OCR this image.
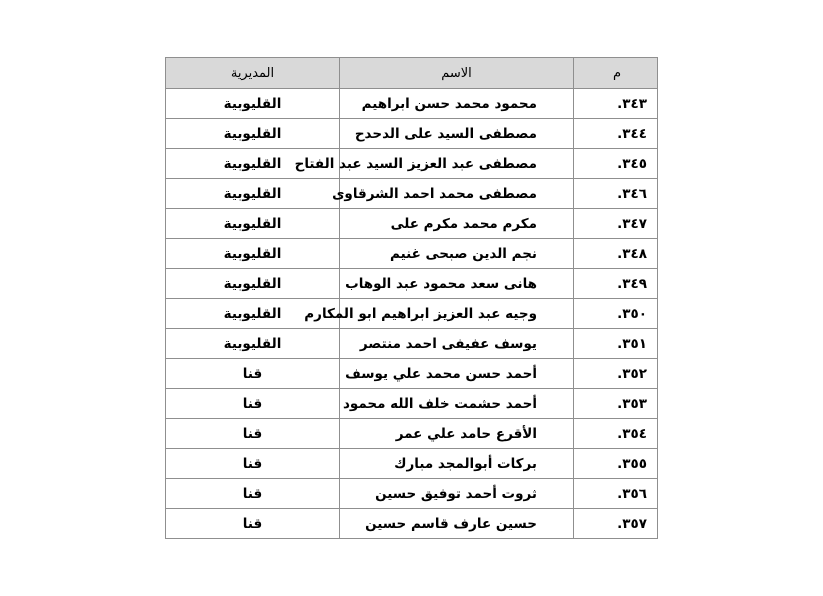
م	الاسم	المديرية
٣٤٣.	محمود محمد حسن ابراهيم	القليوبية
٣٤٤.	مصطفى السيد على الدحدح	القليوبية
٣٤٥.	مصطفى عبد العزيز السيد عبد الفتاح	القليوبية
٣٤٦.	مصطفى محمد احمد الشرقاوى	القليوبية
٣٤٧.	مكرم محمد مكرم على	القليوبية
٣٤٨.	نجم الدين صبحى غنيم	القليوبية
٣٤٩.	هانى سعد محمود عبد الوهاب	القليوبية
٣٥٠.	وجيه عبد العزيز ابراهيم ابو المكارم	القليوبية
٣٥١.	يوسف عفيفى احمد منتصر	القليوبية
٣٥٢.	أحمد حسن محمد علي يوسف	قنا
٣٥٣.	أحمد حشمت خلف الله محمود	قنا
٣٥٤.	الأقرع حامد علي عمر	قنا
٣٥٥.	بركات أبوالمجد مبارك	قنا
٣٥٦.	ثروت أحمد توفيق حسين	قنا
٣٥٧.	حسين عارف قاسم حسين	قنا
